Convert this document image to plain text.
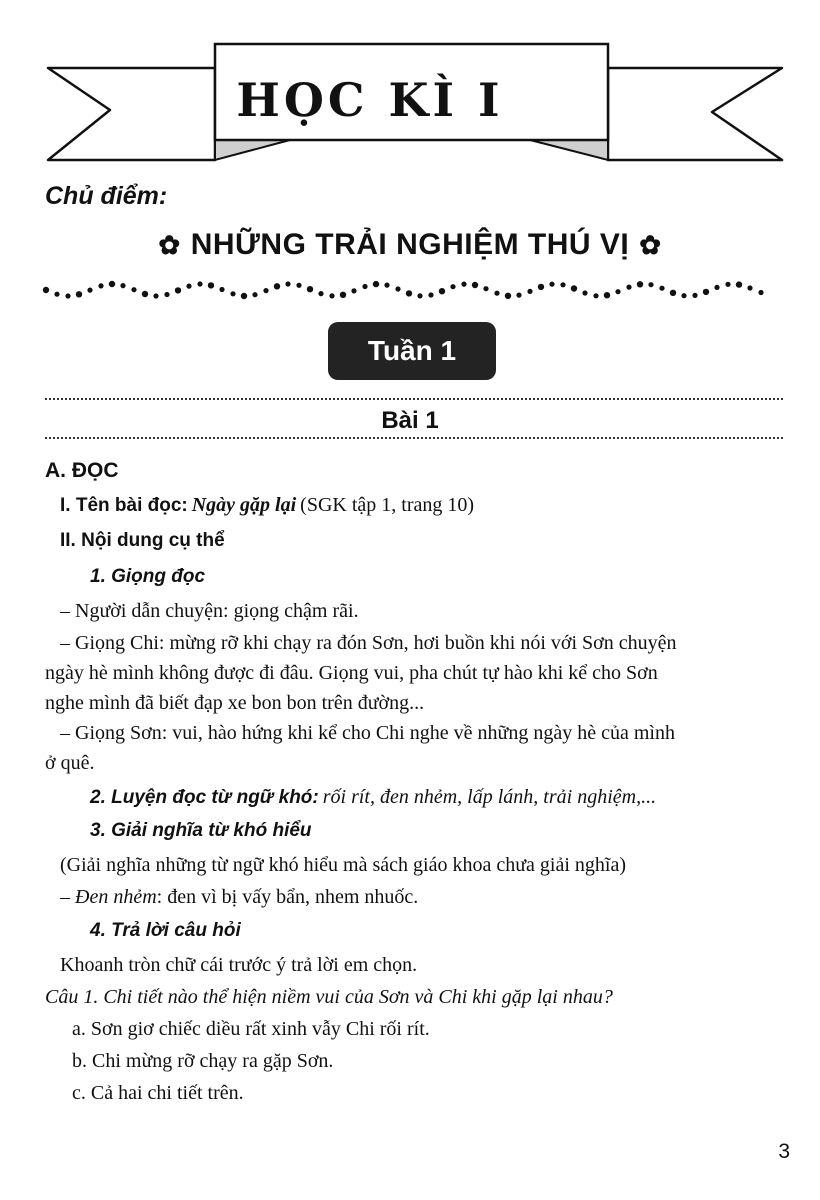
HỌC KÌ I
Chủ điểm:
✿ NHỮNG TRẢI NGHIỆM THÚ VỊ ✿
Tuần 1
Bài 1
A. ĐỌC
I. Tên bài đọc: Ngày gặp lại (SGK tập 1, trang 10)
II. Nội dung cụ thể
1. Giọng đọc
– Người dẫn chuyện: giọng chậm rãi.
– Giọng Chi: mừng rỡ khi chạy ra đón Sơn, hơi buồn khi nói với Sơn chuyện
ngày hè mình không được đi đâu. Giọng vui, pha chút tự hào khi kể cho Sơn
nghe mình đã biết đạp xe bon bon trên đường...
– Giọng Sơn: vui, hào hứng khi kể cho Chi nghe về những ngày hè của mình
ở quê.
2. Luyện đọc từ ngữ khó: rối rít, đen nhẻm, lấp lánh, trải nghiệm,...
3. Giải nghĩa từ khó hiểu
(Giải nghĩa những từ ngữ khó hiểu mà sách giáo khoa chưa giải nghĩa)
– Đen nhẻm: đen vì bị vấy bẩn, nhem nhuốc.
4. Trả lời câu hỏi
Khoanh tròn chữ cái trước ý trả lời em chọn.
Câu 1. Chi tiết nào thể hiện niềm vui của Sơn và Chi khi gặp lại nhau?
a. Sơn giơ chiếc diều rất xinh vẫy Chi rối rít.
b. Chi mừng rỡ chạy ra gặp Sơn.
c. Cả hai chi tiết trên.
3
